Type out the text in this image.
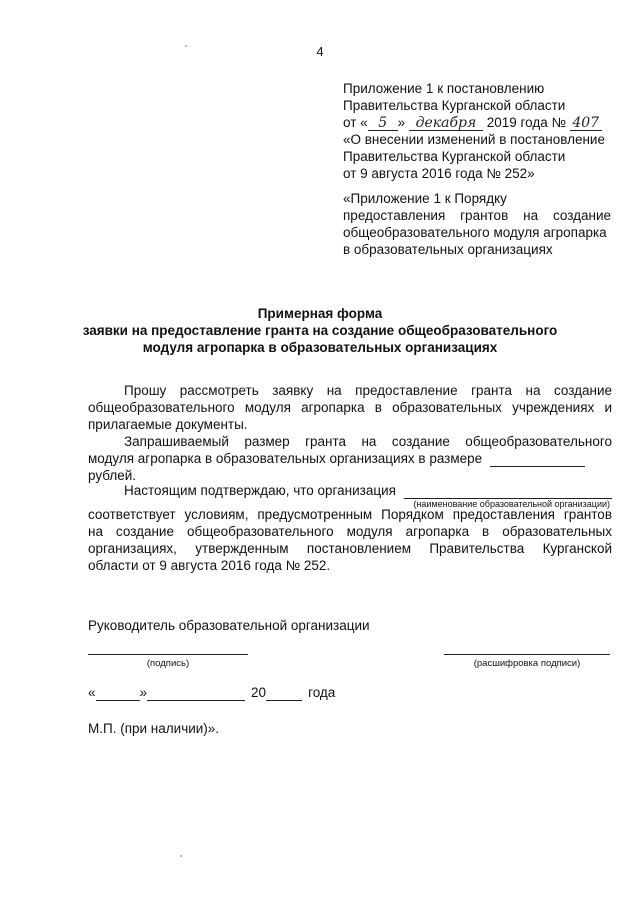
4
Приложение 1 к постановлению
Правительства Курганской области
от « 5 » декабря 2019 года № 407
«О внесении изменений в постановление
Правительства Курганской области
от 9 августа 2016 года № 252»
«Приложение 1 к Порядку
предоставления грантов на создание
общеобразовательного модуля агропарка
в образовательных организациях
Примерная форма
заявки на предоставление гранта на создание общеобразовательного
модуля агропарка в образовательных организациях
Прошу рассмотреть заявку на предоставление гранта на создание
общеобразовательного модуля агропарка в образовательных учреждениях и
прилагаемые документы.
Запрашиваемый размер гранта на создание общеобразовательного
модуля агропарка в образовательных организациях в размере
рублей.
Настоящим подтверждаю, что организация
(наименование образовательной организации)
соответствует условиям, предусмотренным Порядком предоставления грантов
на создание общеобразовательного модуля агропарка в образовательных
организациях, утвержденным постановлением Правительства Курганской
области от 9 августа 2016 года № 252.
Руководитель образовательной организации
(подпись)	(расшифровка подписи)
«	»	20	года
М.П. (при наличии)».
